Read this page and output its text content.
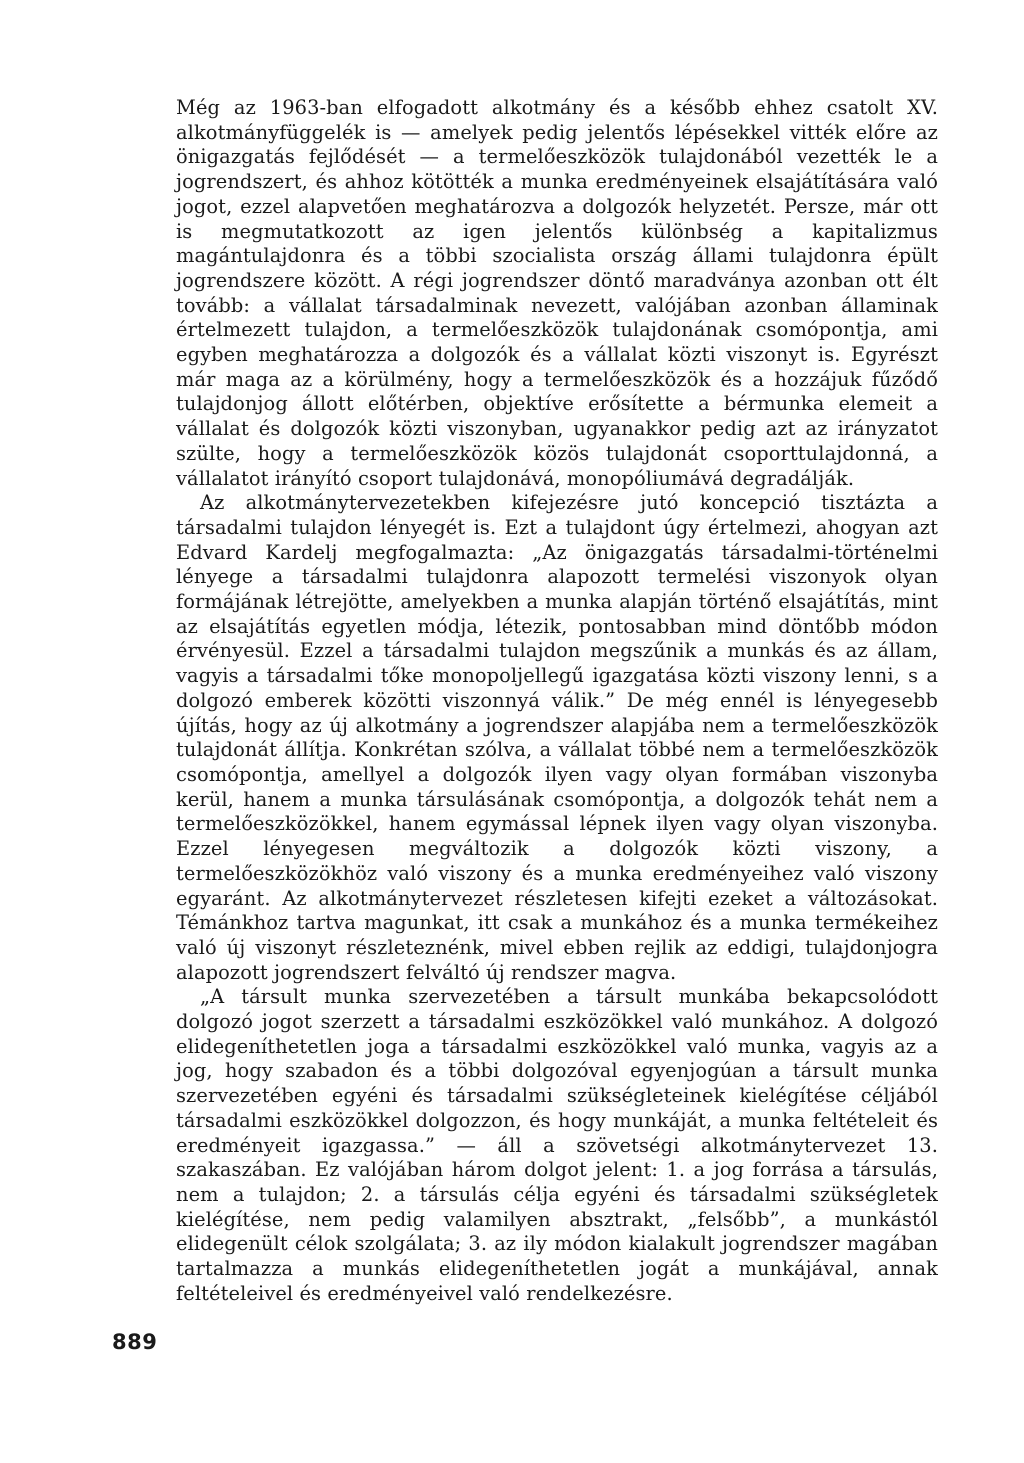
Még az 1963-ban elfogadott alkotmány és a később ehhez csatolt XV. alkotmányfüggelék is — amelyek pedig jelentős lépésekkel vitték előre az önigazgatás fejlődését — a termelőeszközök tulajdonából vezették le a jogrendszert, és ahhoz kötötték a munka eredményeinek elsajátítására való jogot, ezzel alapvetően meghatározva a dolgozók helyzetét. Persze, már ott is megmutatkozott az igen jelentős különbség a kapitalizmus magántulajdonra és a többi szocialista ország állami tulajdonra épült jogrendszere között. A régi jogrendszer döntő maradványa azonban ott élt tovább: a vállalat társadalminak nevezett, valójában azonban államinak értelmezett tulajdon, a termelőeszközök tulajdonának csomópontja, ami egyben meghatározza a dolgozók és a vállalat közti viszonyt is. Egyrészt már maga az a körülmény, hogy a termelőeszközök és a hozzájuk fűződő tulajdonjog állott előtérben, objektíve erősítette a bérmunka elemeit a vállalat és dolgozók közti viszonyban, ugyanakkor pedig azt az irányzatot szülte, hogy a termelőeszközök közös tulajdonát csoporttulajdonná, a vállalatot irányító csoport tulajdonává, monopóliumává degradálják.

Az alkotmánytervezetekben kifejezésre jutó koncepció tisztázta a társadalmi tulajdon lényegét is. Ezt a tulajdont úgy értelmezi, ahogyan azt Edvard Kardelj megfogalmazta: „Az önigazgatás társadalmi-történelmi lényege a társadalmi tulajdonra alapozott termelési viszonyok olyan formájának létrejötte, amelyekben a munka alapján történő elsajátítás, mint az elsajátítás egyetlen módja, létezik, pontosabban mind döntőbb módon érvényesül. Ezzel a társadalmi tulajdon megszűnik a munkás és az állam, vagyis a társadalmi tőke monopoljellegű igazgatása közti viszony lenni, s a dolgozó emberek közötti viszonnyá válik.” De még ennél is lényegesebb újítás, hogy az új alkotmány a jogrendszer alapjába nem a termelőeszközök tulajdonát állítja. Konkrétan szólva, a vállalat többé nem a termelőeszközök csomópontja, amellyel a dolgozók ilyen vagy olyan formában viszonyba kerül, hanem a munka társulásának csomópontja, a dolgozók tehát nem a termelőeszközökkel, hanem egymással lépnek ilyen vagy olyan viszonyba. Ezzel lényegesen megváltozik a dolgozók közti viszony, a termelőeszközökhöz való viszony és a munka eredményeihez való viszony egyaránt. Az alkotmánytervezet részletesen kifejti ezeket a változásokat. Témánkhoz tartva magunkat, itt csak a munkához és a munka termékeihez való új viszonyt részleteznénk, mivel ebben rejlik az eddigi, tulajdonjogra alapozott jogrendszert felváltó új rendszer magva.

„A társult munka szervezetében a társult munkába bekapcsolódott dolgozó jogot szerzett a társadalmi eszközökkel való munkához. A dolgozó elidegeníthetetlen joga a társadalmi eszközökkel való munka, vagyis az a jog, hogy szabadon és a többi dolgozóval egyenjogúan a társult munka szervezetében egyéni és társadalmi szükségleteinek kielégítése céljából társadalmi eszközökkel dolgozzon, és hogy munkáját, a munka feltételeit és eredményeit igazgassa.” — áll a szövetségi alkotmánytervezet 13. szakaszában. Ez valójában három dolgot jelent: 1. a jog forrása a társulás, nem a tulajdon; 2. a társulás célja egyéni és társadalmi szükségletek kielégítése, nem pedig valamilyen absztrakt, „felsőbb”, a munkástól elidegenült célok szolgálata; 3. az ily módon kialakult jogrendszer magában tartalmazza a munkás elidegeníthetetlen jogát a munkájával, annak feltételeivel és eredményeivel való rendelkezésre.

889
